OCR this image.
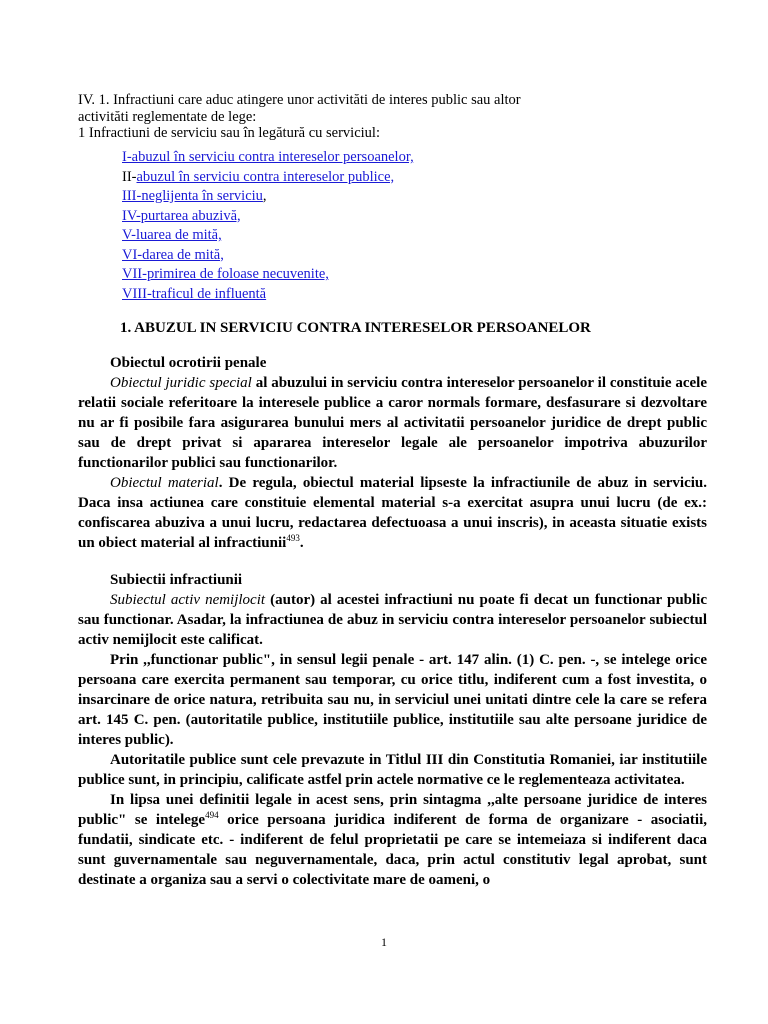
IV. 1. Infractiuni care aduc atingere unor activităti de interes public sau altor
activităti reglementate de lege:
1 Infractiuni de serviciu sau în legătură cu serviciul:
I-abuzul în serviciu contra intereselor persoanelor,
II-abuzul în serviciu contra intereselor publice,
III-neglijenta în serviciu,
IV-purtarea abuzivă,
V-luarea de mită,
VI-darea de mită,
VII-primirea de foloase necuvenite,
VIII-traficul de influentă
1. ABUZUL IN SERVICIU CONTRA INTERESELOR PERSOANELOR

Obiectul ocrotirii penale

Obiectul juridic special al abuzului in serviciu contra intereselor persoanelor il constituie acele relatii sociale referitoare la interesele publice a caror normals formare, desfasurare si dezvoltare nu ar fi posibile fara asigurarea bunului mers al activitatii persoanelor juridice de drept public sau de drept privat si apararea intereselor legale ale persoanelor impotriva abuzurilor functionarilor publici sau functionarilor.

Obiectul material. De regula, obiectul material lipseste la infractiunile de abuz in serviciu. Daca insa actiunea care constituie elemental material s-a exercitat asupra unui lucru (de ex.: confiscarea abuziva a unui lucru, redactarea defectuoasa a unui inscris), in aceasta situatie exists un obiect material al infractiunii$^{493}$.

Subiectii infractiunii

Subiectul activ nemijlocit (autor) al acestei infractiuni nu poate fi decat un functionar public sau functionar. Asadar, la infractiunea de abuz in serviciu contra intereselor persoanelor subiectul activ nemijlocit este calificat.

Prin ,,functionar public", in sensul legii penale - art. 147 alin. (1) C. pen. -, se intelege orice persoana care exercita permanent sau temporar, cu orice titlu, indiferent cum a fost investita, o insarcinare de orice natura, retribuita sau nu, in serviciul unei unitati dintre cele la care se refera art. 145 C. pen. (autoritatile publice, institutiile publice, institutiile sau alte persoane juridice de interes public).

Autoritatile publice sunt cele prevazute in Titlul III din Constitutia Romaniei, iar institutiile publice sunt, in principiu, calificate astfel prin actele normative ce le reglementeaza activitatea.

In lipsa unei definitii legale in acest sens, prin sintagma ,,alte persoane juridice de interes public" se intelege$^{494}$ orice persoana juridica indiferent de forma de organizare - asociatii, fundatii, sindicate etc. - indiferent de felul proprietatii pe care se intemeiaza si indiferent daca sunt guvernamentale sau neguvernamentale, daca, prin actul constitutiv legal aprobat, sunt destinate a organiza sau a servi o colectivitate mare de oameni, o

1
